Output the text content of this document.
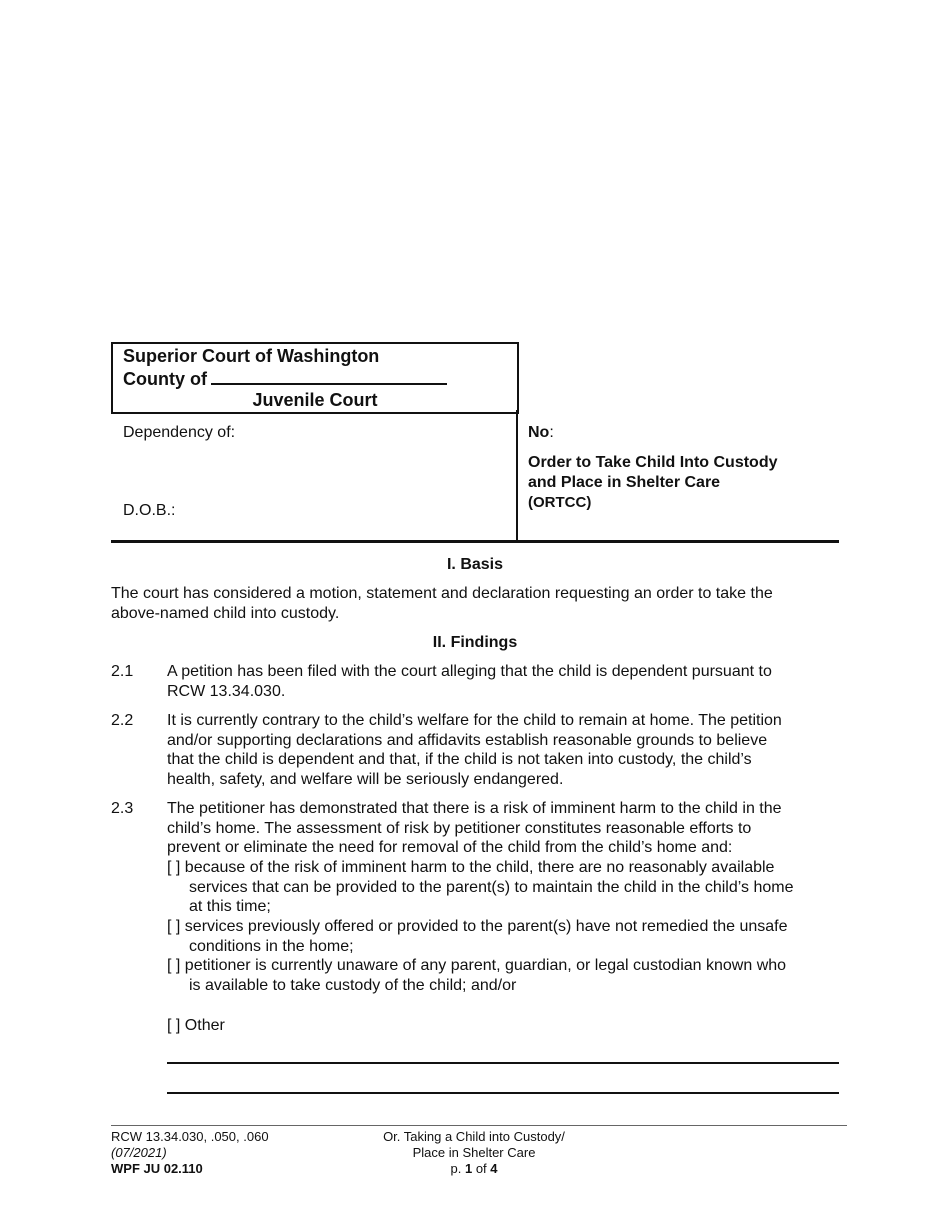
Superior Court of Washington
County of
Juvenile Court
Dependency of:
D.O.B.:
No:
Order to Take Child Into Custody
and Place in Shelter Care
(ORTCC)
I. Basis
The court has considered a motion, statement and declaration requesting an order to take the
above-named child into custody.
II. Findings
2.1 A petition has been filed with the court alleging that the child is dependent pursuant to
RCW 13.34.030.
2.2 It is currently contrary to the child’s welfare for the child to remain at home. The petition
and/or supporting declarations and affidavits establish reasonable grounds to believe
that the child is dependent and that, if the child is not taken into custody, the child’s
health, safety, and welfare will be seriously endangered.
2.3 The petitioner has demonstrated that there is a risk of imminent harm to the child in the
child’s home. The assessment of risk by petitioner constitutes reasonable efforts to
prevent or eliminate the need for removal of the child from the child’s home and:
[ ] because of the risk of imminent harm to the child, there are no reasonably available
services that can be provided to the parent(s) to maintain the child in the child’s home
at this time;
[ ] services previously offered or provided to the parent(s) have not remedied the unsafe
conditions in the home;
[ ] petitioner is currently unaware of any parent, guardian, or legal custodian known who
is available to take custody of the child; and/or
[ ] Other
RCW 13.34.030, .050, .060
(07/2021)
WPF JU 02.110
Or. Taking a Child into Custody/
Place in Shelter Care
p. 1 of 4
